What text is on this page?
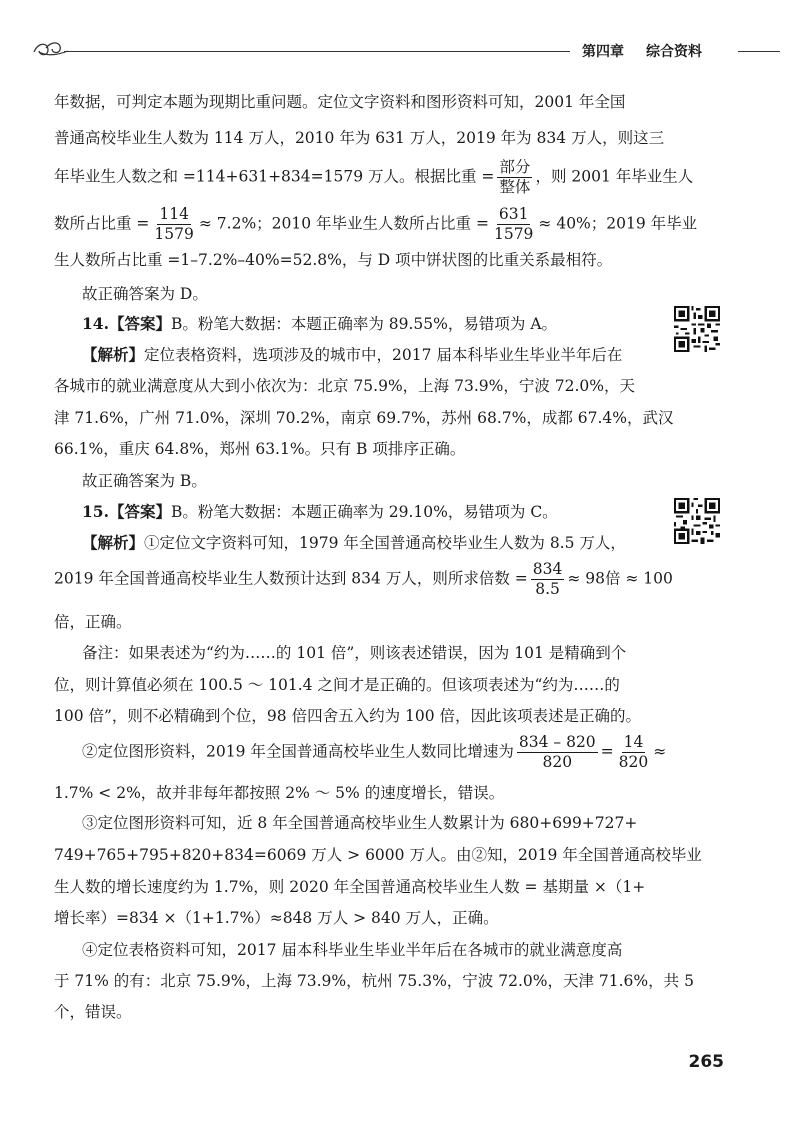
第四章 综合资料
年数据，可判定本题为现期比重问题。定位文字资料和图形资料可知，2001 年全国
普通高校毕业生人数为 114 万人，2010 年为 631 万人，2019 年为 834 万人，则这三
年毕业生人数之和 =114+631+834=1579 万人。根据比重 = $\frac{\text{部分}}{\text{整体}}$ ，则 2001 年毕业生人
数所占比重 = $\frac{114}{1579} \approx 7.2\%$；2010 年毕业生人数所占比重 = $\frac{631}{1579} \approx 40\%$；2019 年毕业
生人数所占比重 =1–7.2%–40%=52.8%，与 D 项中饼状图的比重关系最相符。
故正确答案为 D。
14.【答案】B。粉笔大数据：本题正确率为 89.55%，易错项为 A。
【解析】定位表格资料，选项涉及的城市中，2017 届本科毕业生毕业半年后在
各城市的就业满意度从大到小依次为：北京 75.9%，上海 73.9%，宁波 72.0%，天
津 71.6%，广州 71.0%，深圳 70.2%，南京 69.7%，苏州 68.7%，成都 67.4%，武汉
66.1%，重庆 64.8%，郑州 63.1%。只有 B 项排序正确。
故正确答案为 B。
15.【答案】B。粉笔大数据：本题正确率为 29.10%，易错项为 C。
【解析】①定位文字资料可知，1979 年全国普通高校毕业生人数为 8.5 万人，
2019 年全国普通高校毕业生人数预计达到 834 万人，则所求倍数 = $\frac{834}{8.5} \approx 98$倍 ≈ 100
倍，正确。
备注：如果表述为“约为……的 101 倍”，则该表述错误，因为 101 是精确到个
位，则计算值必须在 100.5 ～ 101.4 之间才是正确的。但该项表述为“约为……的
100 倍”，则不必精确到个位，98 倍四舍五入约为 100 倍，因此该项表述是正确的。
②定位图形资料，2019 年全国普通高校毕业生人数同比增速为 $\frac{834 - 820}{820} = \frac{14}{820}$ ≈
1.7% < 2%，故并非每年都按照 2% ～ 5% 的速度增长，错误。
③定位图形资料可知，近 8 年全国普通高校毕业生人数累计为 680+699+727+
749+765+795+820+834=6069 万人 > 6000 万人。由②知，2019 年全国普通高校毕业
生人数的增长速度约为 1.7%，则 2020 年全国普通高校毕业生人数 = 基期量 ×（1+
增长率）=834 ×（1+1.7%）≈848 万人 > 840 万人，正确。
④定位表格资料可知，2017 届本科毕业生毕业半年后在各城市的就业满意度高
于 71% 的有：北京 75.9%，上海 73.9%，杭州 75.3%，宁波 72.0%，天津 71.6%，共 5
个，错误。
265
